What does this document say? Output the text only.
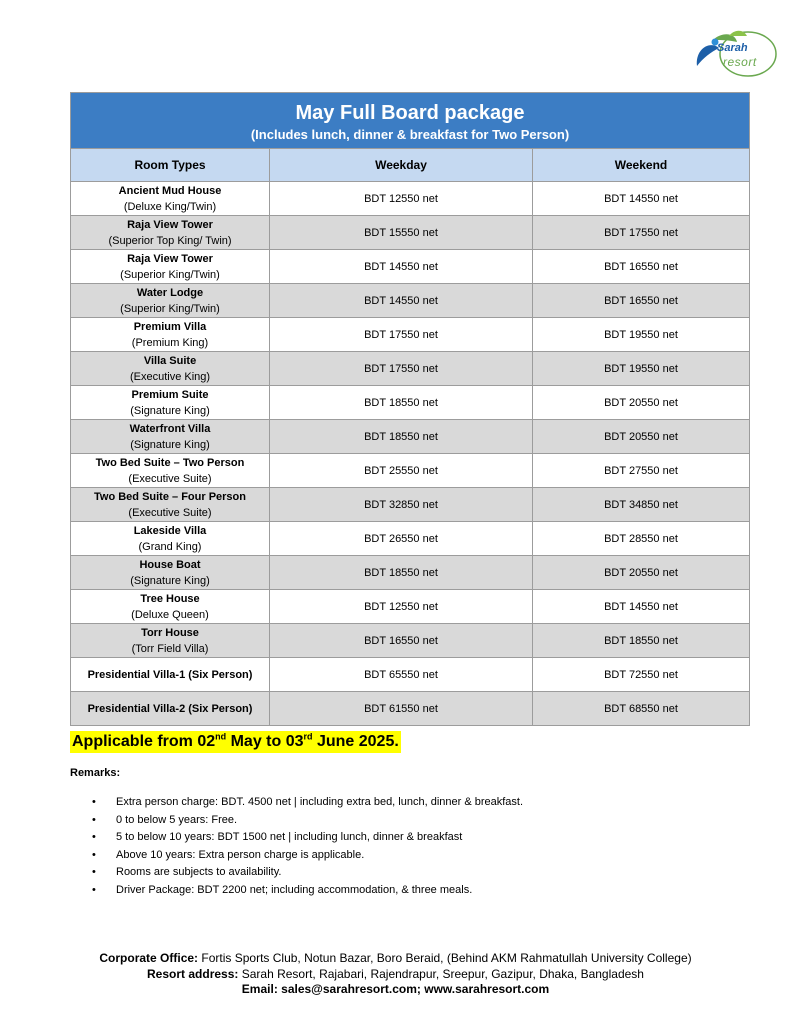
Sarah
resort
May Full Board package
(Includes lunch, dinner & breakfast for Two Person)		

Room Types	Weekday	Weekend

Ancient Mud House
(Deluxe King/Twin)	BDT 12550 net	BDT 14550 net

Raja View Tower
(Superior Top King/ Twin)	BDT 15550 net	BDT 17550 net

Raja View Tower
(Superior King/Twin)	BDT 14550 net	BDT 16550 net

Water Lodge
(Superior King/Twin)	BDT 14550 net	BDT 16550 net

Premium Villa
(Premium King)	BDT 17550 net	BDT 19550 net

Villa Suite
(Executive King)	BDT 17550 net	BDT 19550 net

Premium Suite
(Signature King)	BDT 18550 net	BDT 20550 net

Waterfront Villa
(Signature King)	BDT 18550 net	BDT 20550 net

Two Bed Suite – Two Person
(Executive Suite)	BDT 25550 net	BDT 27550 net

Two Bed Suite – Four Person
(Executive Suite)	BDT 32850 net	BDT 34850 net

Lakeside Villa
(Grand King)	BDT 26550 net	BDT 28550 net

House Boat
(Signature King)	BDT 18550 net	BDT 20550 net

Tree House
(Deluxe Queen)	BDT 12550 net	BDT 14550 net

Torr House
(Torr Field Villa)	BDT 16550 net	BDT 18550 net

Presidential Villa-1 (Six Person)	BDT 65550 net	BDT 72550 net

Presidential Villa-2 (Six Person)	BDT 61550 net	BDT 68550 net
Applicable from 02nd May to 03rd June 2025.
Remarks:
• Extra person charge: BDT. 4500 net | including extra bed, lunch, dinner & breakfast.
• 0 to below 5 years: Free.
• 5 to below 10 years: BDT 1500 net | including lunch, dinner & breakfast
• Above 10 years: Extra person charge is applicable.
• Rooms are subjects to availability.
• Driver Package: BDT 2200 net; including accommodation, & three meals.
Corporate Office: Fortis Sports Club, Notun Bazar, Boro Beraid, (Behind AKM Rahmatullah University College)
Resort address: Sarah Resort, Rajabari, Rajendrapur, Sreepur, Gazipur, Dhaka, Bangladesh
Email: sales@sarahresort.com; www.sarahresort.com
